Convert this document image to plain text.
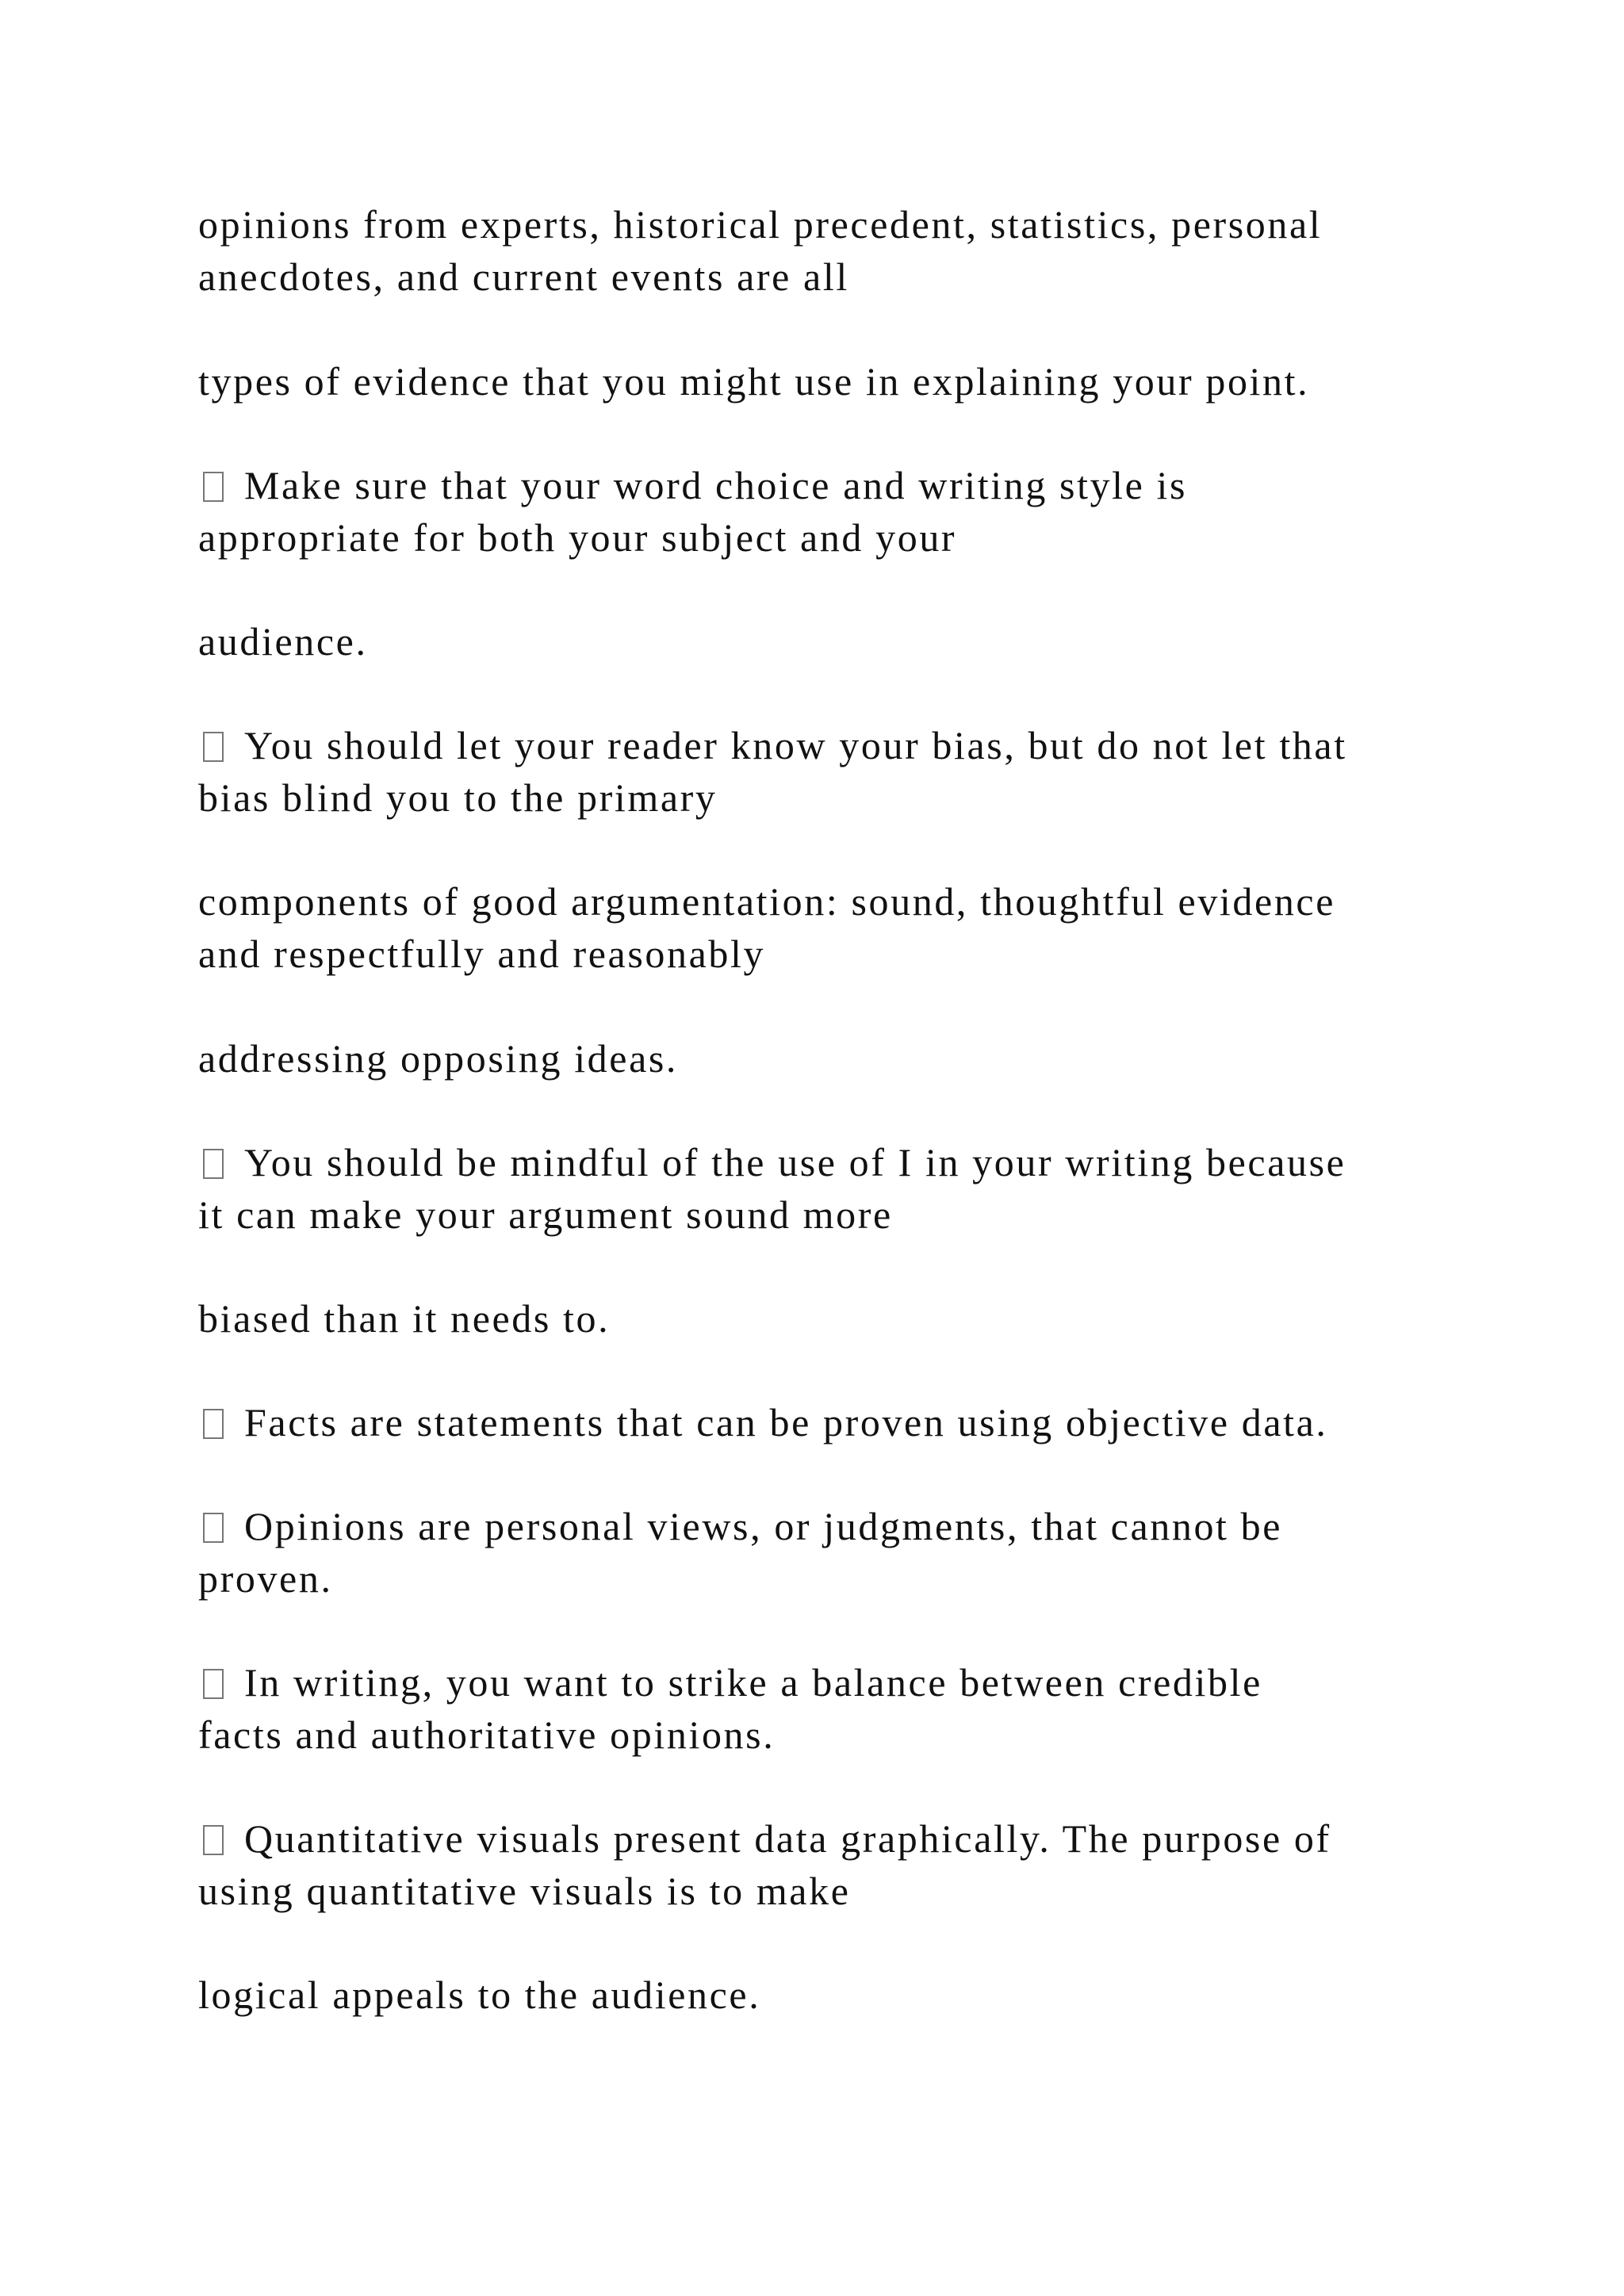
opinions from experts, historical precedent, statistics, personal
anecdotes, and current events are all

types of evidence that you might use in explaining your point.

Make sure that your word choice and writing style is
appropriate for both your subject and your

audience.

You should let your reader know your bias, but do not let that
bias blind you to the primary

components of good argumentation: sound, thoughtful evidence
and respectfully and reasonably

addressing opposing ideas.

You should be mindful of the use of I in your writing because
it can make your argument sound more

biased than it needs to.

Facts are statements that can be proven using objective data.

Opinions are personal views, or judgments, that cannot be
proven.

In writing, you want to strike a balance between credible
facts and authoritative opinions.

Quantitative visuals present data graphically. The purpose of
using quantitative visuals is to make

logical appeals to the audience.
